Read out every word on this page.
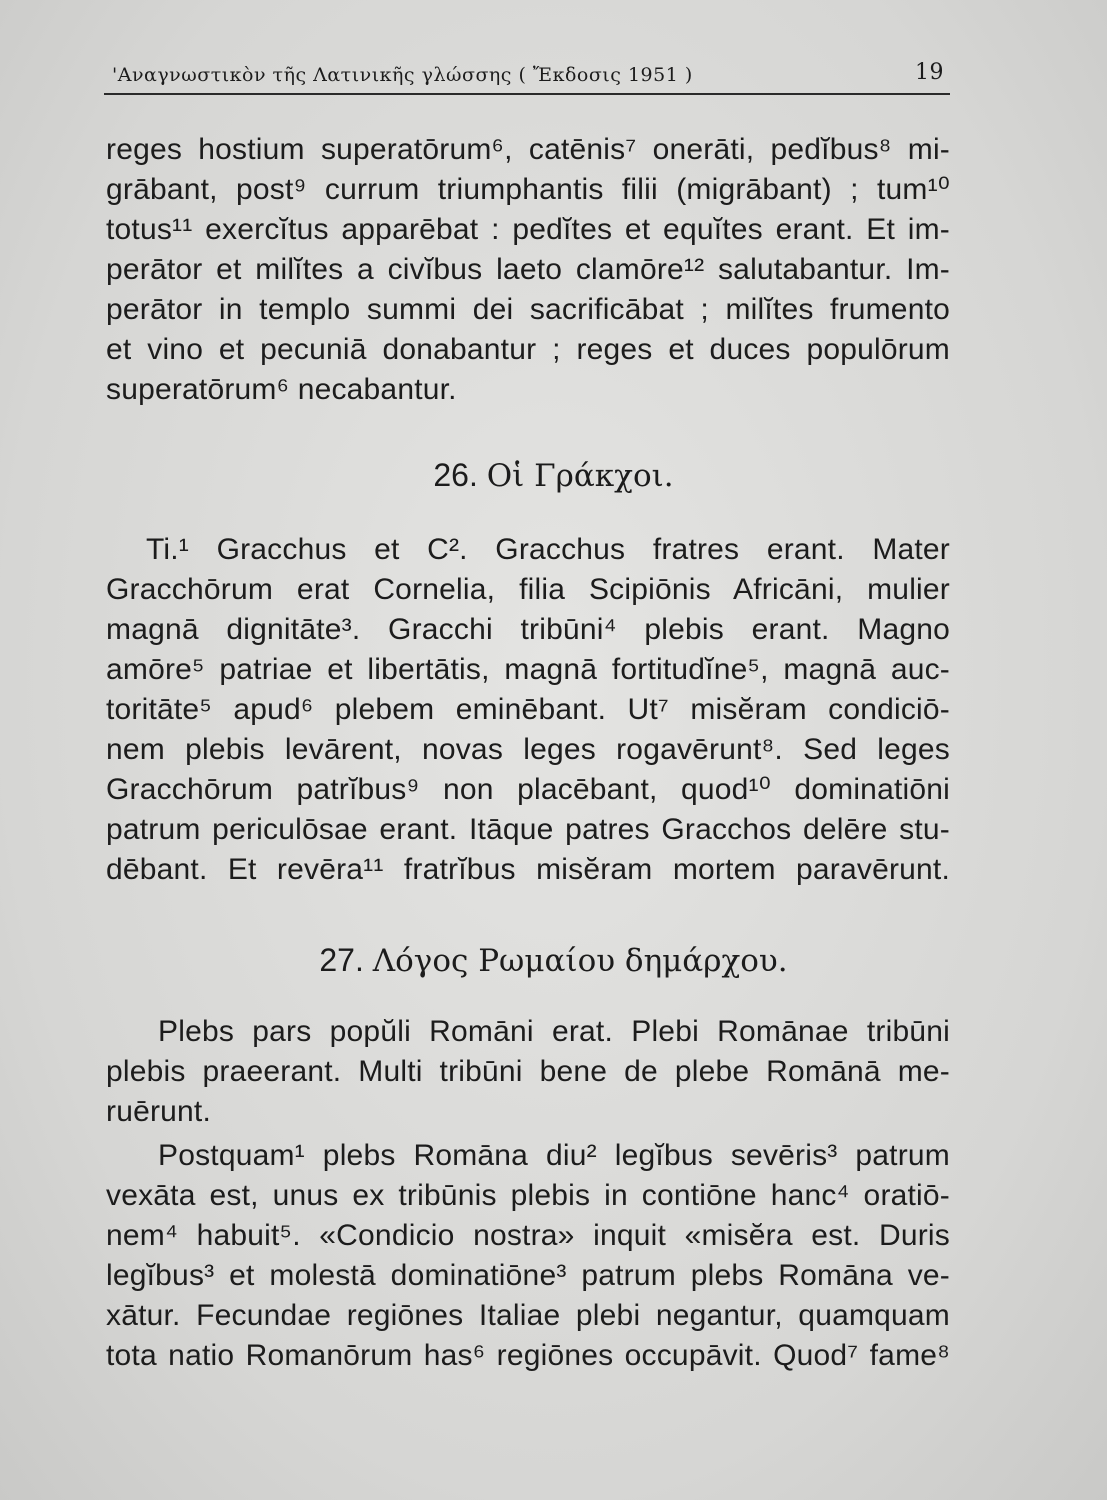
'Αναγνωστικὸν τῆς Λατινικῆς γλώσσης ( Ἔκδοσις 1951 )	19
reges hostium superatōrum⁶, catēnis⁷ onerāti, pedĭbus⁸ mi-
grābant, post⁹ currum triumphantis filii (migrābant) ; tum¹⁰
totus¹¹ exercĭtus apparēbat : pedĭtes et equĭtes erant. Et im-
perātor et milĭtes a civĭbus laeto clamōre¹² salutabantur. Im-
perātor in templo summi dei sacrificābat ; milĭtes frumento
et vino et pecuniā donabantur ; reges et duces populōrum
superatōrum⁶ necabantur.
26. Οἱ Γράκχοι.
Ti.¹ Gracchus et C². Gracchus fratres erant. Mater
Gracchōrum erat Cornelia, filia Scipiōnis Africāni, mulier
magnā dignitāte³. Gracchi tribūni⁴ plebis erant. Magno
amōre⁵ patriae et libertātis, magnā fortitudĭne⁵, magnā auc-
toritāte⁵ apud⁶ plebem eminēbant. Ut⁷ misĕram condiciō-
nem plebis levārent, novas leges rogavērunt⁸. Sed leges
Gracchōrum patrĭbus⁹ non placēbant, quod¹⁰ dominatiōni
patrum periculōsae erant. Itāque patres Gracchos delēre stu-
dēbant. Et revēra¹¹ fratrĭbus misĕram mortem paravērunt.
27. Λόγος Ρωμαίου δημάρχου.
Plebs pars popŭli Romāni erat. Plebi Romānae tribūni
plebis praeerant. Multi tribūni bene de plebe Romānā me-
ruērunt.
Postquam¹ plebs Romāna diu² legĭbus sevēris³ patrum
vexāta est, unus ex tribūnis plebis in contiōne hanc⁴ oratiō-
nem⁴ habuit⁵. «Condicio nostra» inquit «misĕra est. Duris
legĭbus³ et molestā dominatiōne³ patrum plebs Romāna ve-
xātur. Fecundae regiōnes Italiae plebi negantur, quamquam
tota natio Romanōrum has⁶ regiōnes occupāvit. Quod⁷ fame⁸
